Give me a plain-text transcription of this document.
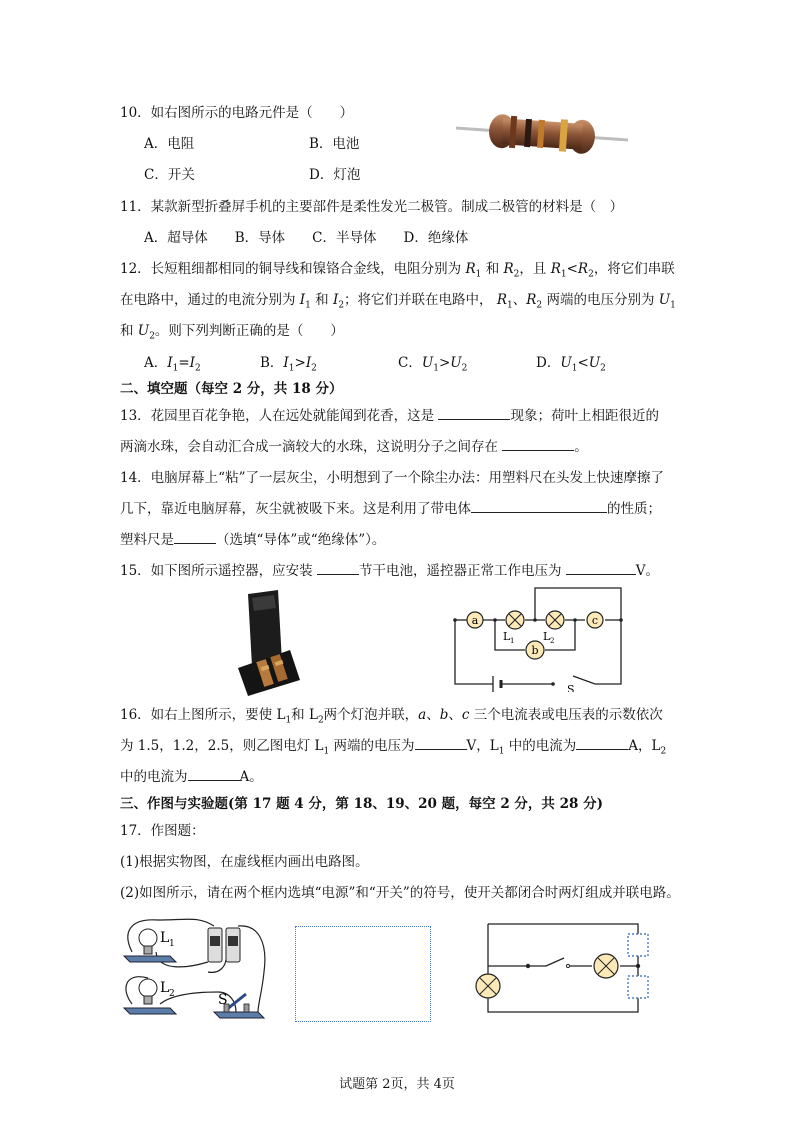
10．如右图所示的电路元件是（　　）
A．电阻	B．电池
C．开关	D．灯泡
11．某款新型折叠屏手机的主要部件是柔性发光二极管。制成二极管的材料是（　）
A．超导体　　B．导体　　C．半导体　　D．绝缘体
12．长短粗细都相同的铜导线和镍铬合金线，电阻分别为 $R_1$ 和 $R_2$，且 $R_1<R_2$，将它们串联
在电路中，通过的电流分别为 $I_1$ 和 $I_2$；将它们并联在电路中， $R_1$、$R_2$ 两端的电压分别为 $U_1$
和 $U_2$。则下列判断正确的是（　　）
A．$I_1=I_2$	B．$I_1>I_2$	C．$U_1>U_2$	D．$U_1<U_2$
二、填空题（每空 2 分，共 18 分）
13．花园里百花争艳，人在远处就能闻到花香，这是	现象；荷叶上相距很近的
两滴水珠，会自动汇合成一滴较大的水珠，这说明分子之间存在	。
14．电脑屏幕上“粘”了一层灰尘，小明想到了一个除尘办法：用塑料尺在头发上快速摩擦了
几下，靠近电脑屏幕，灰尘就被吸下来。这是利用了带电体	的性质；
塑料尺是	（选填“导体”或“绝缘体”）。
15．如下图所示遥控器，应安装	节干电池，遥控器正常工作电压为	V。
a	c
b
L 1	L 2
S
16．如右上图所示，要使 $L_1$和 $L_2$两个灯泡并联，a、b、c 三个电流表或电压表的示数依次
为 1.5，1.2，2.5，则乙图电灯 $L_1$ 两端的电压为	V，$L_1$ 中的电流为	A，$L_2$
中的电流为	A。
三、作图与实验题(第 17 题 4 分，第 18、19、20 题，每空 2 分，共 28 分)
17．作图题：
(1)根据实物图，在虚线框内画出电路图。
(2)如图所示，请在两个框内选填“电源”和“开关”的符号，使开关都闭合时两灯组成并联电路。
L 1
L 2	S
试题第 2页，共 4页
